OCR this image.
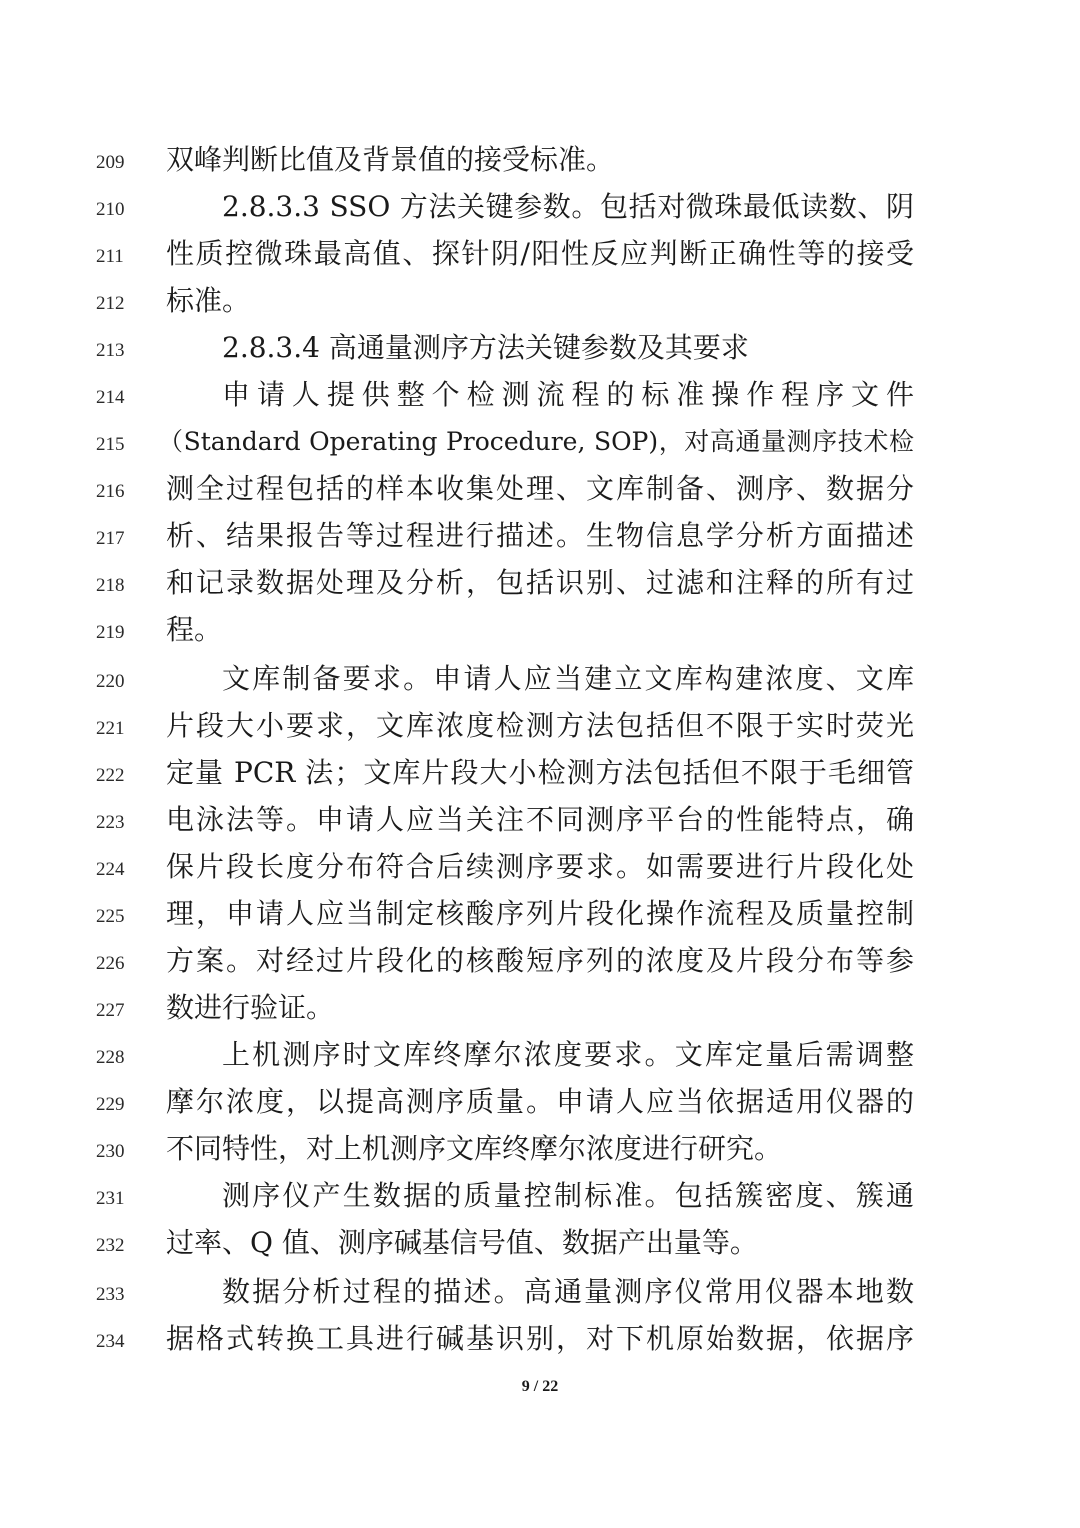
209	双峰判断比值及背景值的接受标准。
210	2.8.3.3 SSO 方法关键参数。包括对微珠最低读数、阴
211	性质控微珠最高值、探针阴/阳性反应判断正确性等的接受
212	标准。
213	2.8.3.4 高通量测序方法关键参数及其要求
214	申请人提供整个检测流程的标准操作程序文件
215	（Standard Operating Procedure, SOP)，对高通量测序技术检
216	测全过程包括的样本收集处理、文库制备、测序、数据分
217	析、结果报告等过程进行描述。生物信息学分析方面描述
218	和记录数据处理及分析，包括识别、过滤和注释的所有过
219	程。
220	文库制备要求。申请人应当建立文库构建浓度、文库
221	片段大小要求，文库浓度检测方法包括但不限于实时荧光
222	定量 PCR 法；文库片段大小检测方法包括但不限于毛细管
223	电泳法等。申请人应当关注不同测序平台的性能特点，确
224	保片段长度分布符合后续测序要求。如需要进行片段化处
225	理，申请人应当制定核酸序列片段化操作流程及质量控制
226	方案。对经过片段化的核酸短序列的浓度及片段分布等参
227	数进行验证。
228	上机测序时文库终摩尔浓度要求。文库定量后需调整
229	摩尔浓度，以提高测序质量。申请人应当依据适用仪器的
230	不同特性，对上机测序文库终摩尔浓度进行研究。
231	测序仪产生数据的质量控制标准。包括簇密度、簇通
232	过率、Q 值、测序碱基信号值、数据产出量等。
233	数据分析过程的描述。高通量测序仪常用仪器本地数
234	据格式转换工具进行碱基识别，对下机原始数据，依据序
9 / 22
